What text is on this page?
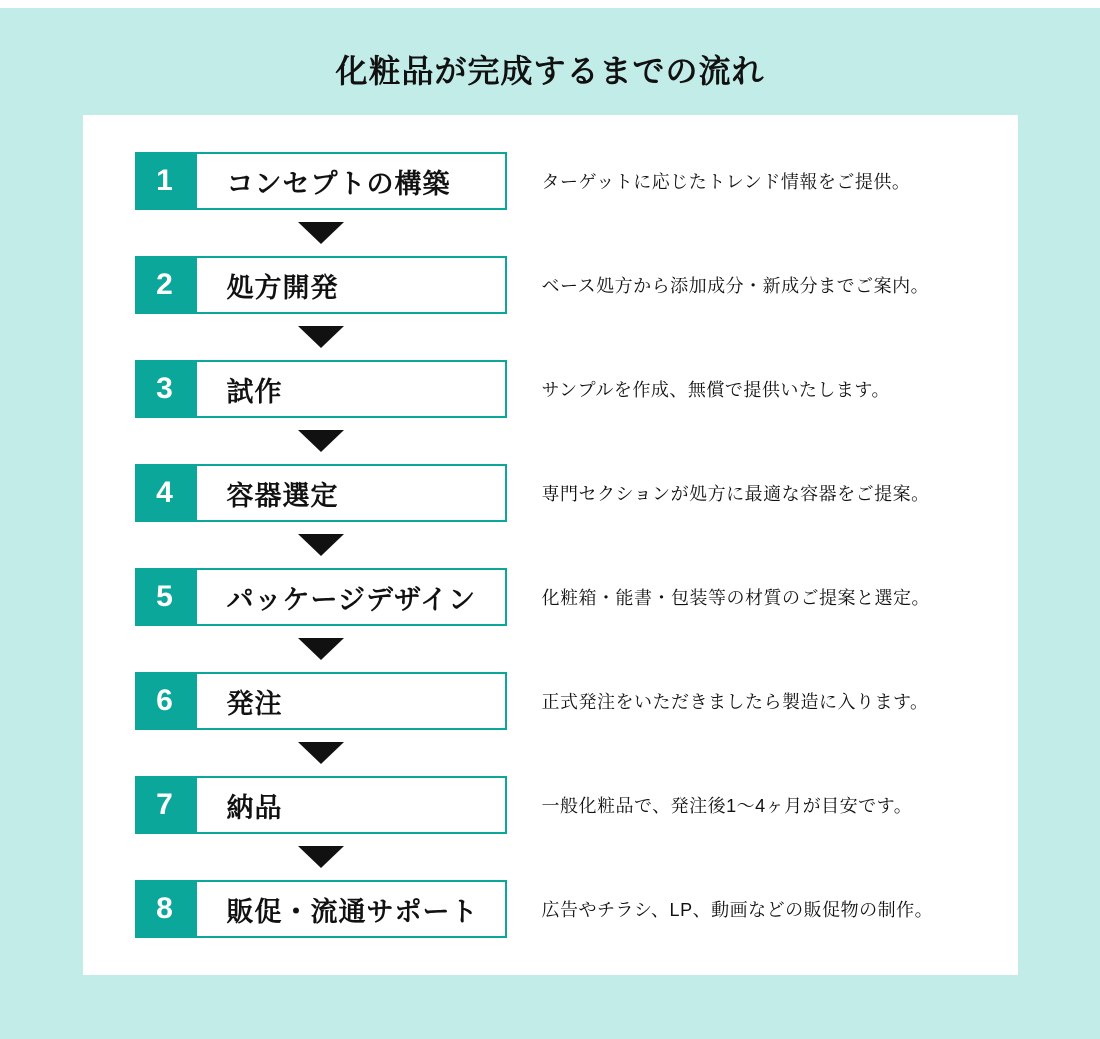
化粧品が完成するまでの流れ
1 コンセプトの構築	ターゲットに応じたトレンド情報をご提供。
2 処方開発	ベース処方から添加成分・新成分までご案内。
3 試作	サンプルを作成、無償で提供いたします。
4 容器選定	専門セクションが処方に最適な容器をご提案。
5 パッケージデザイン	化粧箱・能書・包装等の材質のご提案と選定。
6 発注	正式発注をいただきましたら製造に入ります。
7 納品	一般化粧品で、発注後1〜4ヶ月が目安です。
8 販促・流通サポート	広告やチラシ、LP、動画などの販促物の制作。
